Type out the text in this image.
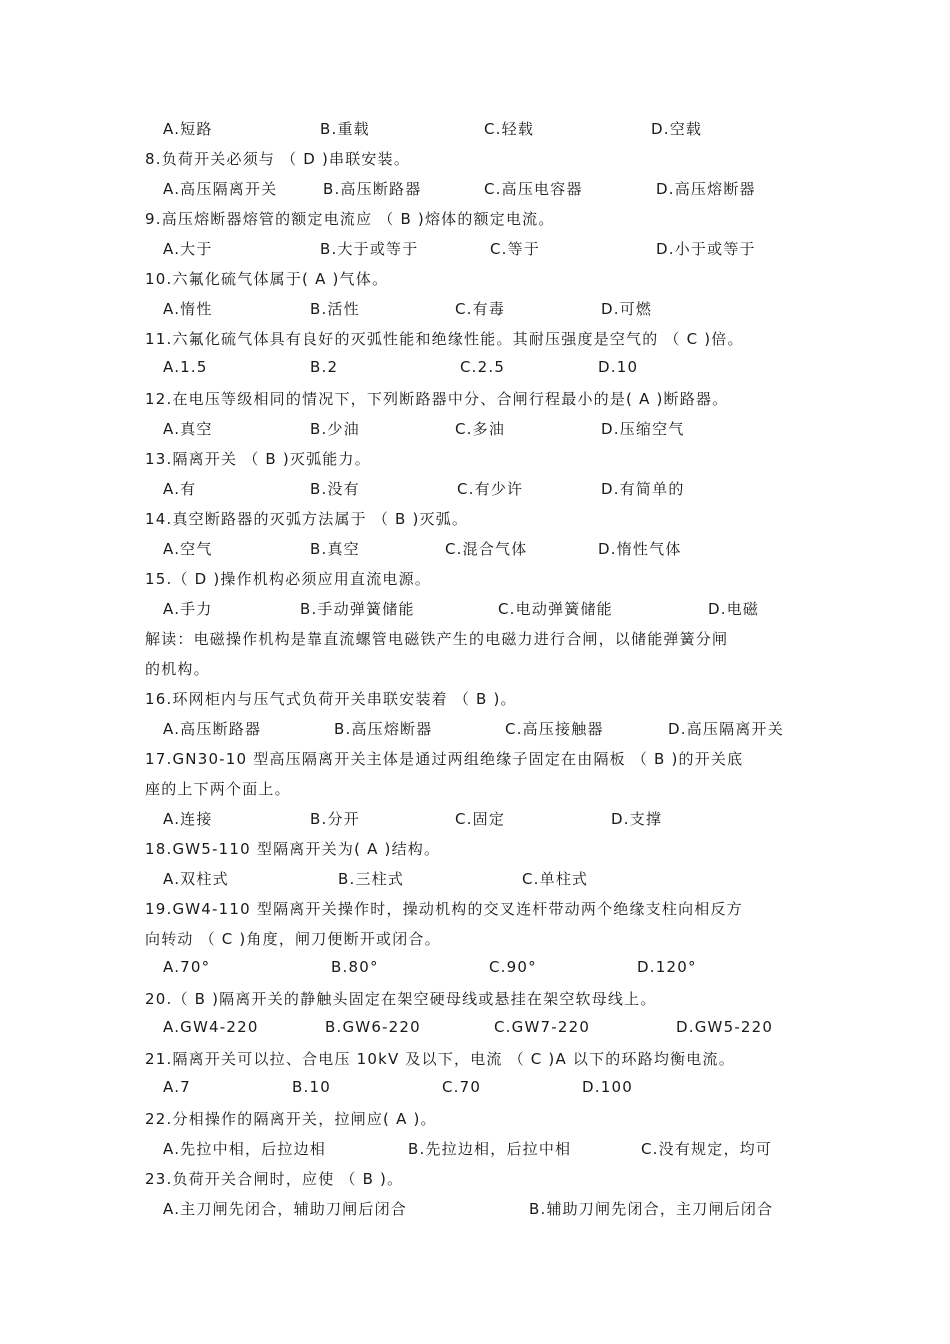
A.短路	B.重载	C.轻载	D.空载
8.负荷开关必须与 （ D )串联安装。
A.高压隔离开关	B.高压断路器	C.高压电容器	D.高压熔断器
9.高压熔断器熔管的额定电流应 （ B )熔体的额定电流。
A.大于	B.大于或等于	C.等于	D.小于或等于
10.六氟化硫气体属于( A )气体。
A.惰性	B.活性	C.有毒	D.可燃
11.六氟化硫气体具有良好的灭弧性能和绝缘性能。其耐压强度是空气的 （ C )倍。
A.1.5	B.2	C.2.5	D.10
12.在电压等级相同的情况下，下列断路器中分、合闸行程最小的是( A )断路器。
A.真空	B.少油	C.多油	D.压缩空气
13.隔离开关 （ B )灭弧能力。
A.有	B.没有	C.有少许	D.有简单的
14.真空断路器的灭弧方法属于 （ B )灭弧。
A.空气	B.真空	C.混合气体	D.惰性气体
15.（ D )操作机构必须应用直流电源。
A.手力	B.手动弹簧储能	C.电动弹簧储能	D.电磁
解读：电磁操作机构是靠直流螺管电磁铁产生的电磁力进行合闸，以储能弹簧分闸
的机构。
16.环网柜内与压气式负荷开关串联安装着 （ B )。
A.高压断路器	B.高压熔断器	C.高压接触器	D.高压隔离开关
17.GN30-10 型高压隔离开关主体是通过两组绝缘子固定在由隔板 （ B )的开关底
座的上下两个面上。
A.连接	B.分开	C.固定	D.支撑
18.GW5-110 型隔离开关为( A )结构。
A.双柱式	B.三柱式	C.单柱式
19.GW4-110 型隔离开关操作时，操动机构的交叉连杆带动两个绝缘支柱向相反方
向转动 （ C )角度，闸刀便断开或闭合。
A.70°	B.80°	C.90°	D.120°
20.（ B )隔离开关的静触头固定在架空硬母线或悬挂在架空软母线上。
A.GW4-220	B.GW6-220	C.GW7-220	D.GW5-220
21.隔离开关可以拉、合电压 10kV 及以下，电流 （ C )A 以下的环路均衡电流。
A.7	B.10	C.70	D.100
22.分相操作的隔离开关，拉闸应( A )。
A.先拉中相，后拉边相	B.先拉边相，后拉中相	C.没有规定，均可
23.负荷开关合闸时，应使 （ B )。
A.主刀闸先闭合，辅助刀闸后闭合	B.辅助刀闸先闭合，主刀闸后闭合
